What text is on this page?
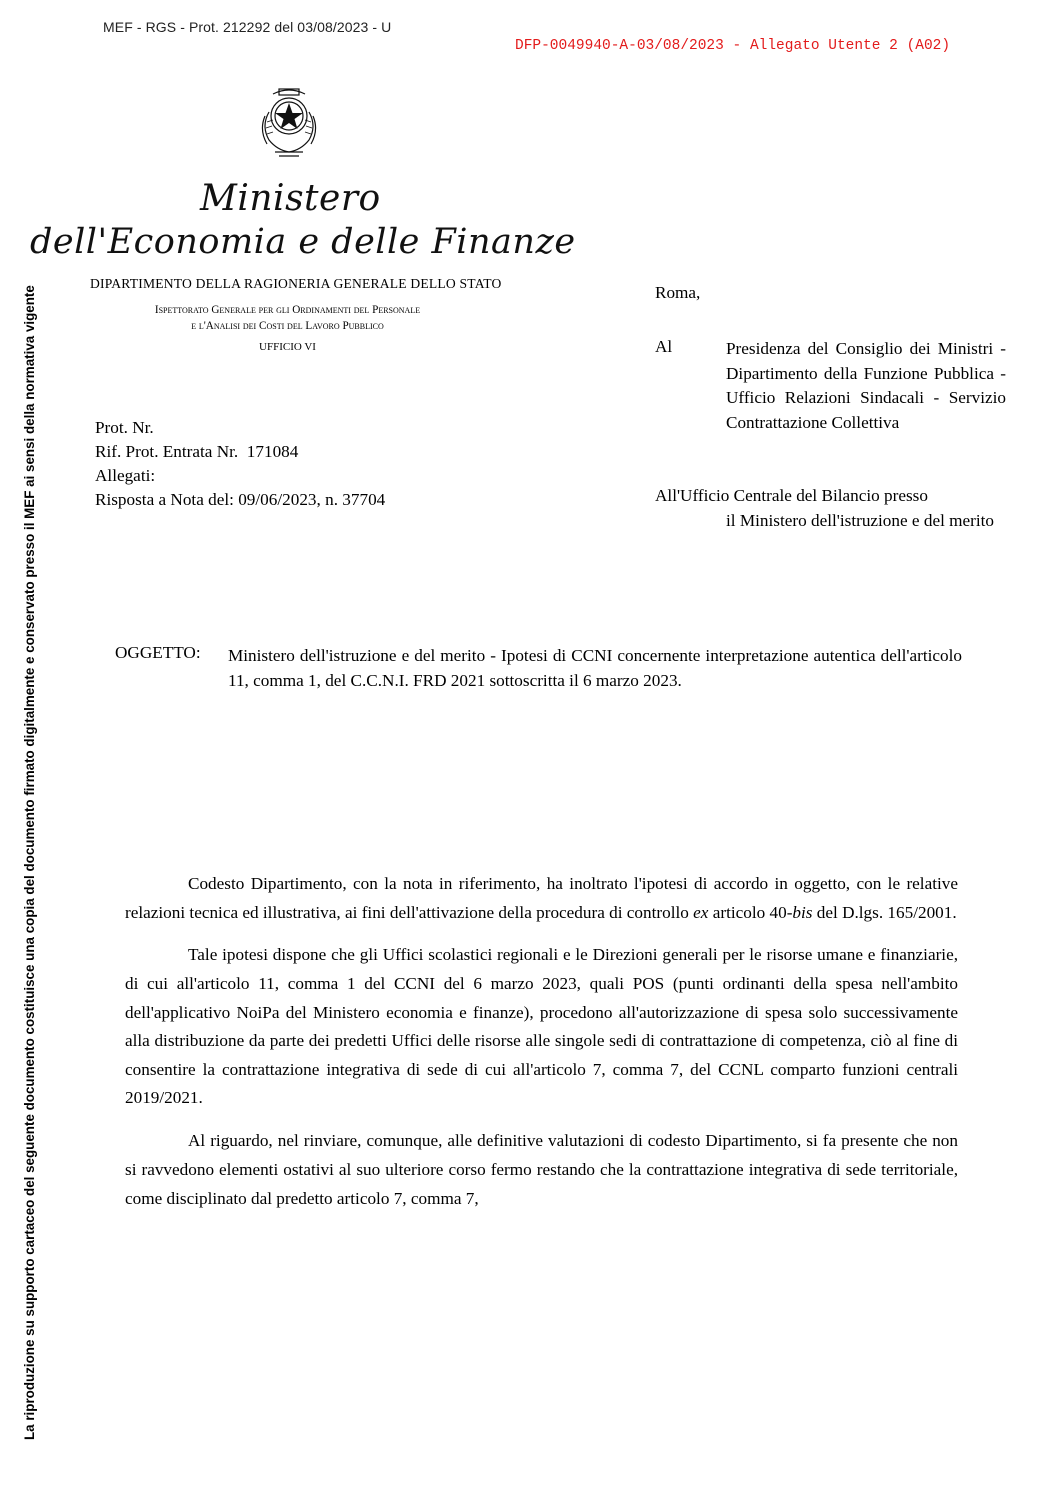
MEF - RGS - Prot. 212292 del 03/08/2023 - U
DFP-0049940-A-03/08/2023 - Allegato Utente 2 (A02)
La riproduzione su supporto cartaceo del seguente documento costituisce una copia del documento firmato digitalmente e conservato presso il MEF ai sensi della normativa vigente
Ministero
dell'Economia e delle Finanze
DIPARTIMENTO DELLA RAGIONERIA GENERALE DELLO STATO
Ispettorato Generale per gli Ordinamenti del Personale
e l'Analisi dei Costi del Lavoro Pubblico
UFFICIO VI
Prot. Nr.
Rif. Prot. Entrata Nr.  171084
Allegati:
Risposta a Nota del: 09/06/2023, n. 37704
Roma,
Al	Presidenza del Consiglio dei Ministri - Dipartimento della Funzione Pubblica - Ufficio Relazioni Sindacali - Servizio Contrattazione Collettiva
All'Ufficio Centrale del Bilancio presso
il Ministero dell'istruzione e del merito
OGGETTO: Ministero dell'istruzione e del merito - Ipotesi di CCNI concernente interpretazione autentica dell'articolo 11, comma 1, del C.C.N.I. FRD 2021 sottoscritta il 6 marzo 2023.

Codesto Dipartimento, con la nota in riferimento, ha inoltrato l'ipotesi di accordo in oggetto, con le relative relazioni tecnica ed illustrativa, ai fini dell'attivazione della procedura di controllo ex articolo 40-bis del D.lgs. 165/2001.

Tale ipotesi dispone che gli Uffici scolastici regionali e le Direzioni generali per le risorse umane e finanziarie, di cui all'articolo 11, comma 1 del CCNI del 6 marzo 2023, quali POS (punti ordinanti della spesa nell'ambito dell'applicativo NoiPa del Ministero economia e finanze), procedono all'autorizzazione di spesa solo successivamente alla distribuzione da parte dei predetti Uffici delle risorse alle singole sedi di contrattazione di competenza, ciò al fine di consentire la contrattazione integrativa di sede di cui all'articolo 7, comma 7, del CCNL comparto funzioni centrali 2019/2021.

Al riguardo, nel rinviare, comunque, alle definitive valutazioni di codesto Dipartimento, si fa presente che non si ravvedono elementi ostativi al suo ulteriore corso fermo restando che la contrattazione integrativa di sede territoriale, come disciplinato dal predetto articolo 7, comma 7,
